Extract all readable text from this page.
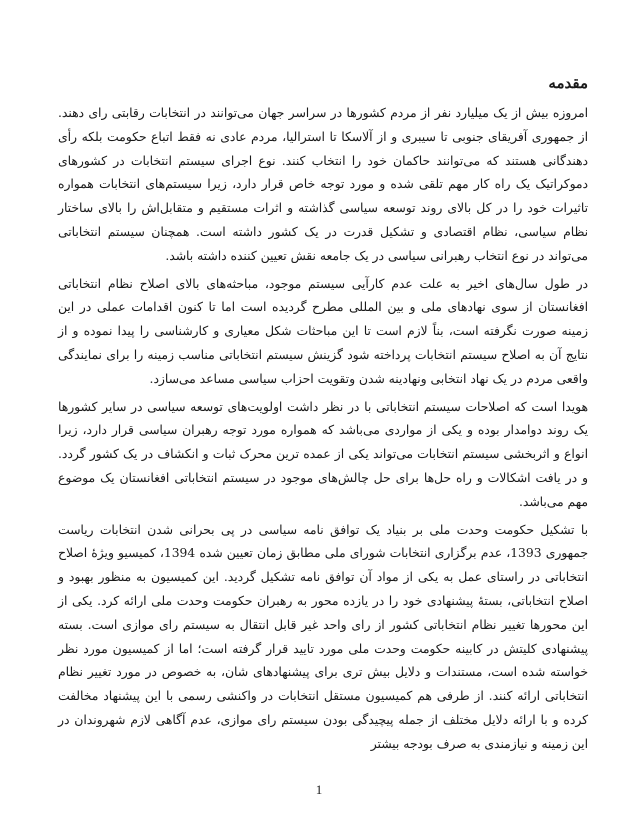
مقدمه

امروزه بیش از یک میلیارد نفر از مردم کشورها در سراسر جهان می‌توانند در انتخابات رقابتی رای دهند. از جمهوری آفریقای جنوبی تا سیبری و از آلاسکا تا استرالیا، مردم عادی نه فقط اتباع حکومت بلکه رأی دهندگانی هستند که می‌توانند حاکمان خود را انتخاب کنند. نوع اجرای سیستم انتخابات در کشورهای دموکراتیک یک راه کار مهم تلقی شده و مورد توجه خاص قرار دارد، زیرا سیستم‌های انتخابات همواره تاثیرات خود را در کل بالای روند توسعه سیاسی گذاشته و اثرات مستقیم و متقابل‌اش را بالای ساختار نظام سیاسی، نظام اقتصادی و تشکیل قدرت در یک کشور داشته است. همچنان سیستم انتخاباتی می‌تواند در نوع انتخاب رهبرانی سیاسی در یک جامعه نقش تعیین کننده داشته باشد.

در طول سال‌های اخیر به علت عدم کارآیی سیستم موجود، مباحثه‌های بالای اصلاح نظام انتخاباتی افغانستان از سوی نهادهای ملی و بین المللی مطرح گردیده است اما تا کنون اقدامات عملی در این زمینه صورت نگرفته است، بناً لازم است تا این مباحثات شکل معیاری و کارشناسی را پیدا نموده و از نتایج آن به اصلاح سیستم انتخابات پرداخته شود گزینش سیستم انتخاباتی مناسب زمینه را برای نمایندگی واقعی مردم در یک نهاد انتخابی ونهادینه شدن وتقویت احزاب سیاسی مساعد می‌سازد.

هویدا است که اصلاحات سیستم انتخاباتی با در نظر داشت اولویت‌های توسعه سیاسی در سایر کشورها یک روند دوامدار بوده و یکی از مواردی می‌باشد که همواره مورد توجه رهبران سیاسی قرار دارد، زیرا انواع و اثربخشی سیستم انتخابات می‌تواند یکی از عمده ترین محرک ثبات و انکشاف در یک کشور گردد. و در یافت اشکالات و راه حل‌ها برای حل چالش‌های موجود در سیستم انتخاباتی افغانستان یک موضوع مهم می‌باشد.

با تشکیل حکومت وحدت ملی بر بنیاد یک توافق نامه سیاسی در پی بحرانی شدن انتخابات ریاست جمهوری 1393، عدم برگزاری انتخابات شورای ملی مطابق زمان تعیین شده 1394، کمیسیو ویژهٔ اصلاح انتخاباتی در راستای عمل به یکی از مواد آن توافق نامه تشکیل گردید. این کمیسیون به منظور بهبود و اصلاح انتخاباتی، بستهٔ پیشنهادی خود را در یازده محور به رهبران حکومت وحدت ملی ارائه کرد. یکی از این محورها تغییر نظام انتخاباتی کشور از رای واحد غیر قابل انتقال به سیستم رای موازی است. بسته پیشنهادی کلیتش در کابینه حکومت وحدت ملی مورد تایید قرار گرفته است؛ اما از کمیسیون مورد نظر خواسته شده است، مستندات و دلایل بیش تری برای پیشنهادهای شان، به خصوص در مورد تغییر نظام انتخاباتی ارائه کنند. از طرفی هم کمیسیون مستقل انتخابات در واکنشی رسمی با این پیشنهاد مخالفت کرده و با ارائه دلایل مختلف از جمله پیچیدگی بودن سیستم رای موازی، عدم آگاهی لازم شهروندان در این زمینه و نیازمندی به صرف بودجه بیشتر

1
